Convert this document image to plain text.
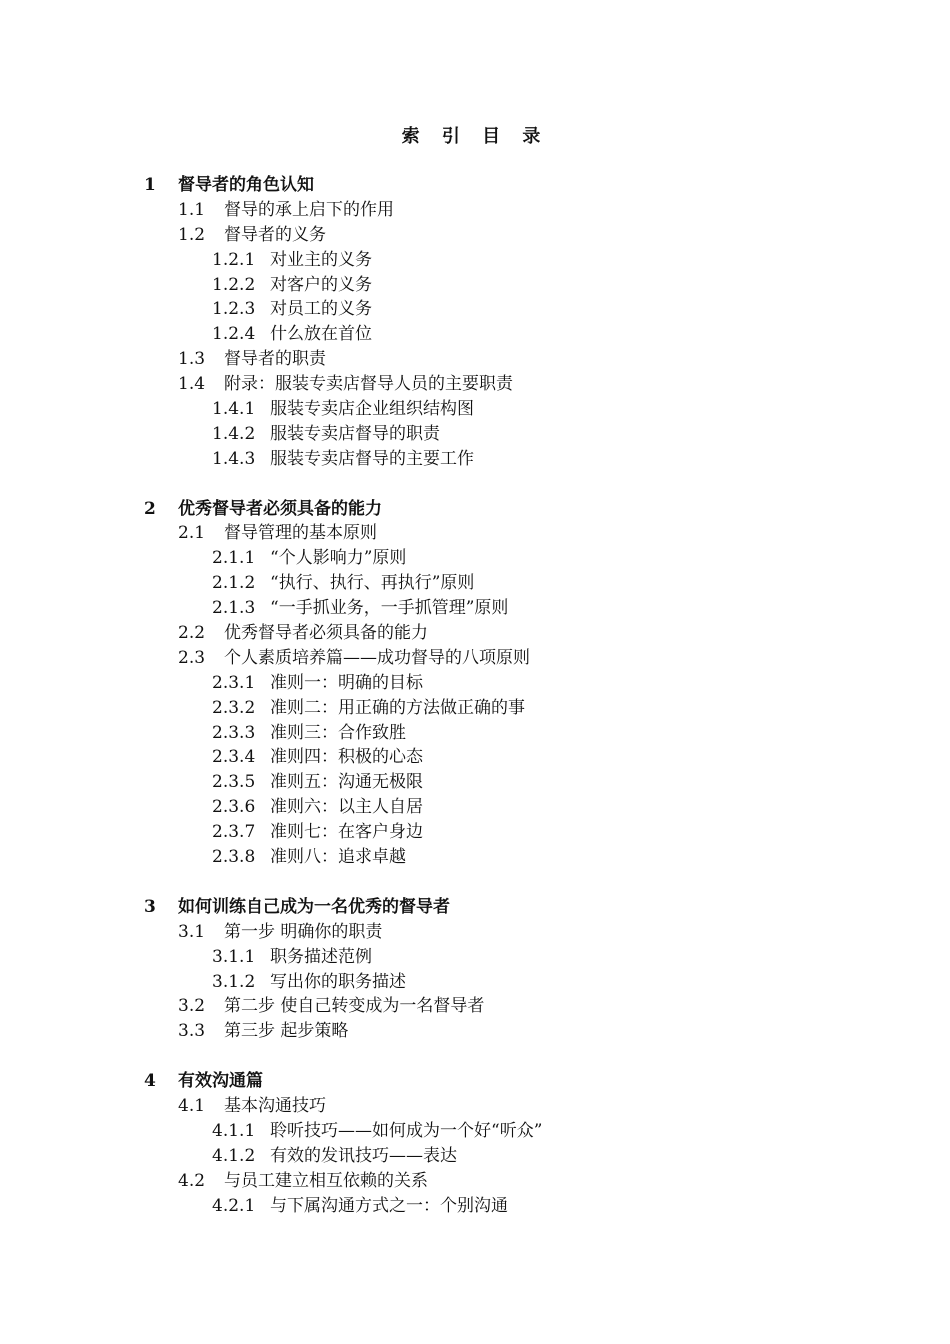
索 引 目 录
1 督导者的角色认知
1.1 督导的承上启下的作用
1.2 督导者的义务
1.2.1 对业主的义务
1.2.2 对客户的义务
1.2.3 对员工的义务
1.2.4 什么放在首位
1.3 督导者的职责
1.4 附录：服装专卖店督导人员的主要职责
1.4.1 服装专卖店企业组织结构图
1.4.2 服装专卖店督导的职责
1.4.3 服装专卖店督导的主要工作
2 优秀督导者必须具备的能力
2.1 督导管理的基本原则
2.1.1 “个人影响力”原则
2.1.2 “执行、执行、再执行”原则
2.1.3 “一手抓业务，一手抓管理”原则
2.2 优秀督导者必须具备的能力
2.3 个人素质培养篇——成功督导的八项原则
2.3.1 准则一：明确的目标
2.3.2 准则二：用正确的方法做正确的事
2.3.3 准则三：合作致胜
2.3.4 准则四：积极的心态
2.3.5 准则五：沟通无极限
2.3.6 准则六：以主人自居
2.3.7 准则七：在客户身边
2.3.8 准则八：追求卓越
3 如何训练自己成为一名优秀的督导者
3.1 第一步 明确你的职责
3.1.1 职务描述范例
3.1.2 写出你的职务描述
3.2 第二步 使自己转变成为一名督导者
3.3 第三步 起步策略
4 有效沟通篇
4.1 基本沟通技巧
4.1.1 聆听技巧——如何成为一个好“听众”
4.1.2 有效的发讯技巧——表达
4.2 与员工建立相互依赖的关系
4.2.1 与下属沟通方式之一：个别沟通
